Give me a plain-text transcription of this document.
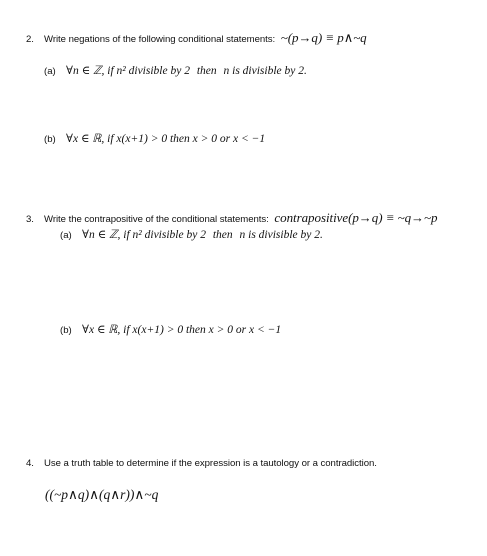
2. Write negations of the following conditional statements: ~(p→q) ≡ p∧~q
(a) ∀n ∈ ℤ, if n² divisible by 2 then n is divisible by 2.
(b) ∀x ∈ ℝ, if x(x+1) > 0 then x > 0 or x < −1
3. Write the contrapositive of the conditional statements: contrapositive(p→q) ≡ ~q→~p
(a) ∀n ∈ ℤ, if n² divisible by 2 then n is divisible by 2.
(b) ∀x ∈ ℝ, if x(x+1) > 0 then x > 0 or x < −1
4. Use a truth table to determine if the expression is a tautology or a contradiction.
((~p∧q)∧(q∧r))∧~q
